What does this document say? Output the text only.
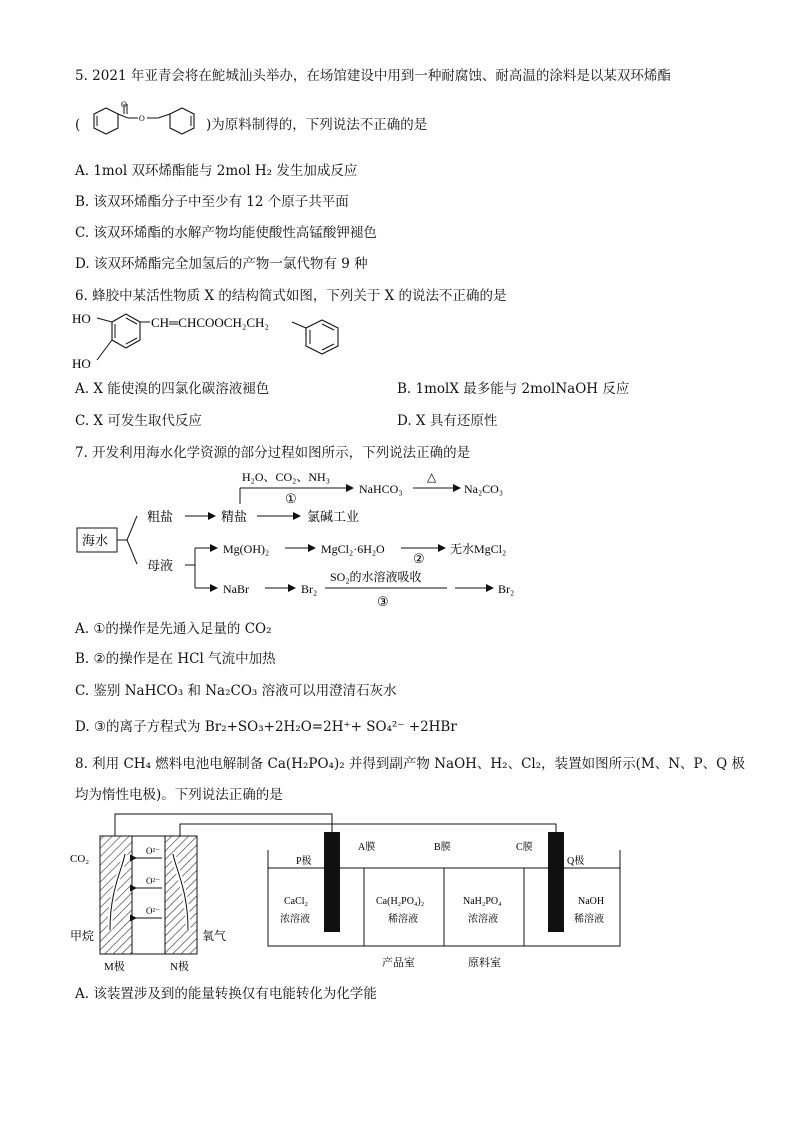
5. 2021 年亚青会将在鮀城汕头举办，在场馆建设中用到一种耐腐蚀、耐高温的涂料是以某双环烯酯
(
O
O	)为原料制得的，下列说法不正确的是
A. 1mol 双环烯酯能与 2mol H₂ 发生加成反应
B. 该双环烯酯分子中至少有 12 个原子共平面
C. 该双环烯酯的水解产物均能使酸性高锰酸钾褪色
D. 该双环烯酯完全加氢后的产物一氯代物有 9 种
6. 蜂胶中某活性物质 X 的结构简式如图，下列关于 X 的说法不正确的是
HO
HO
CH═CHCOOCH₂CH₂
A. X 能使溴的四氯化碳溶液褪色	B. 1molX 最多能与 2molNaOH 反应
C. X 可发生取代反应	D. X 具有还原性
7. 开发利用海水化学资源的部分过程如图所示，下列说法正确的是
海水
粗盐	精盐
H₂O、CO₂、NH₃
①
NaHCO₃
△
Na₂CO₃
氯碱工业
母液
Mg(OH)₂	MgCl₂·6H₂O
②
无水MgCl₂
NaBr	Br₂
SO₂的水溶液吸收
③
Br₂
A. ①的操作是先通入足量的 CO₂
B. ②的操作是在 HCl 气流中加热
C. 鉴别 NaHCO₃ 和 Na₂CO₃ 溶液可以用澄清石灰水
D. ③的离子方程式为 Br₂+SO₃+2H₂O=2H⁺+ SO₄²⁻ +2HBr
8. 利用 CH₄ 燃料电池电解制备 Ca(H₂PO₄)₂ 并得到副产物 NaOH、H₂、Cl₂，装置如图所示(M、N、P、Q 极
均为惰性电极)。下列说法正确的是
O²⁻
O²⁻
O²⁻
CO₂
甲烷	氧气
M极	N极
P极	Q极
A膜	B膜	C膜
CaCl₂
浓溶液
Ca(H₂PO₄)₂
稀溶液
NaH₂PO₄
浓溶液
NaOH
稀溶液
产品室	原料室
A. 该装置涉及到的能量转换仅有电能转化为化学能
